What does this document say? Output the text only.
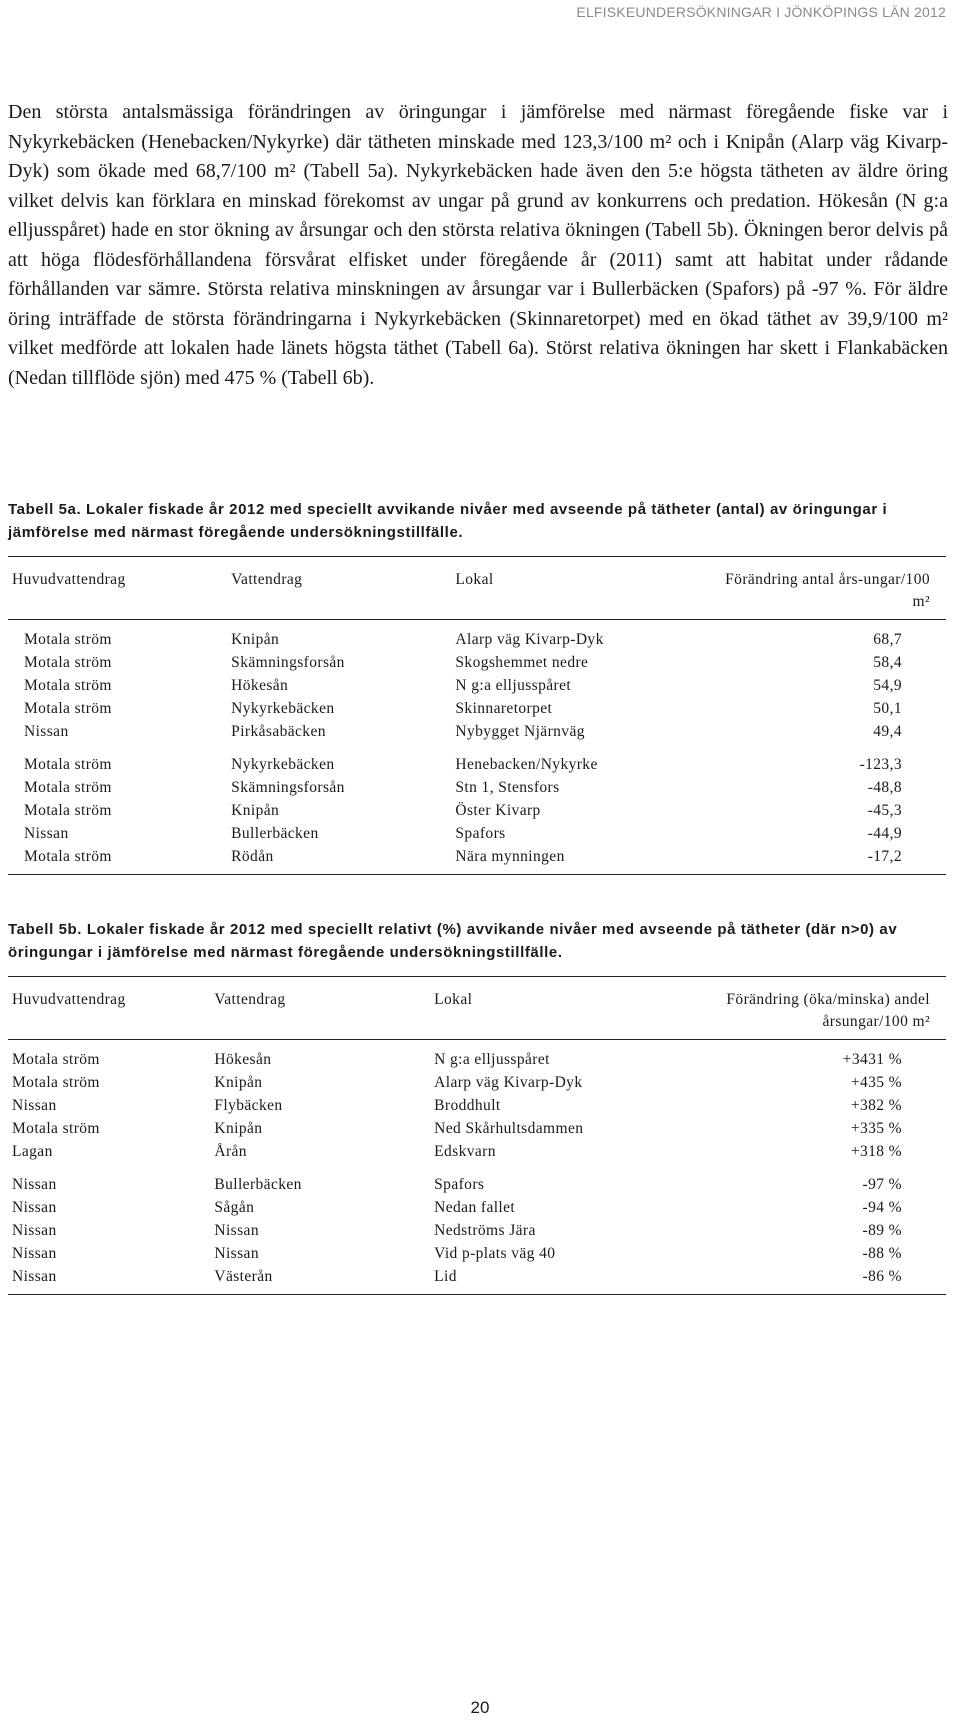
ELFISKEUNDERSÖKNINGAR I JÖNKÖPINGS LÄN 2012

Den största antalsmässiga förändringen av öringungar i jämförelse med närmast föregående fiske var i Nykyrkebäcken (Henebacken/Nykyrke) där tätheten minskade med 123,3/100 m² och i Knipån (Alarp väg Kivarp-Dyk) som ökade med 68,7/100 m² (Tabell 5a). Nykyrkebäcken hade även den 5:e högsta tätheten av äldre öring vilket delvis kan förklara en minskad förekomst av ungar på grund av konkurrens och predation. Hökesån (N g:a elljusspåret) hade en stor ökning av årsungar och den största relativa ökningen (Tabell 5b). Ökningen beror delvis på att höga flödesförhållandena försvårat elfisket under föregående år (2011) samt att habitat under rådande förhållanden var sämre. Största relativa minskningen av årsungar var i Bullerbäcken (Spafors) på -97 %. För äldre öring inträffade de största förändringarna i Nykyrkebäcken (Skinnaretorpet) med en ökad täthet av 39,9/100 m² vilket medförde att lokalen hade länets högsta täthet (Tabell 6a). Störst relativa ökningen har skett i Flankabäcken (Nedan tillflöde sjön) med 475 % (Tabell 6b).

Tabell 5a. Lokaler fiskade år 2012 med speciellt avvikande nivåer med avseende på tätheter (antal) av öringungar i jämförelse med närmast föregående undersökningstillfälle.
Huvudvattendrag	Vattendrag	Lokal	Förändring antal års-ungar/100 m²
Motala ström	Knipån	Alarp väg Kivarp-Dyk	68,7
Motala ström	Skämningsforsån	Skogshemmet nedre	58,4
Motala ström	Hökesån	N g:a elljusspåret	54,9
Motala ström	Nykyrkebäcken	Skinnaretorpet	50,1
Nissan	Pirkåsabäcken	Nybygget Njärnväg	49,4
Motala ström	Nykyrkebäcken	Henebacken/Nykyrke	-123,3
Motala ström	Skämningsforsån	Stn 1, Stensfors	-48,8
Motala ström	Knipån	Öster Kivarp	-45,3
Nissan	Bullerbäcken	Spafors	-44,9
Motala ström	Rödån	Nära mynningen	-17,2
Tabell 5b. Lokaler fiskade år 2012 med speciellt relativt (%) avvikande nivåer med avseende på tätheter (där n>0) av öringungar i jämförelse med närmast föregående undersökningstillfälle.
Huvudvattendrag	Vattendrag	Lokal	Förändring (öka/minska) andel årsungar/100 m²
Motala ström	Hökesån	N g:a elljusspåret	+3431 %
Motala ström	Knipån	Alarp väg Kivarp-Dyk	+435 %
Nissan	Flybäcken	Broddhult	+382 %
Motala ström	Knipån	Ned Skårhultsdammen	+335 %
Lagan	Årån	Edskvarn	+318 %
Nissan	Bullerbäcken	Spafors	-97 %
Nissan	Sågån	Nedan fallet	-94 %
Nissan	Nissan	Nedströms Jära	-89 %
Nissan	Nissan	Vid p-plats väg 40	-88 %
Nissan	Västerån	Lid	-86 %
20
